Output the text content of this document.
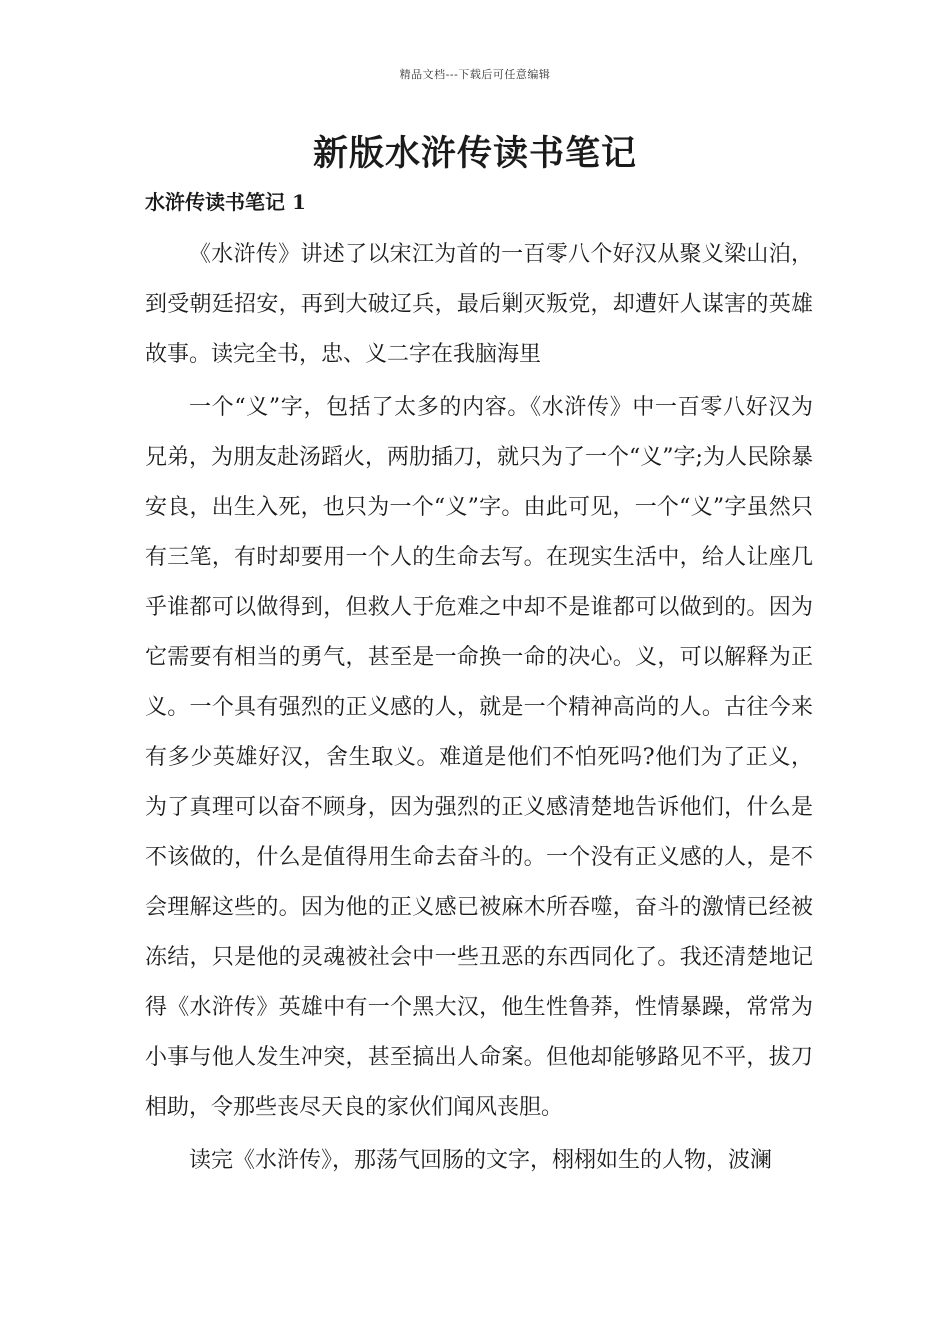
精品文档---下载后可任意编辑
新版水浒传读书笔记
水浒传读书笔记 1

《水浒传》讲述了以宋江为首的一百零八个好汉从聚义梁山泊，到受朝廷招安，再到大破辽兵，最后剿灭叛党，却遭奸人谋害的英雄故事。读完全书，忠、义二字在我脑海里

一个“义”字，包括了太多的内容。《水浒传》中一百零八好汉为兄弟，为朋友赴汤蹈火，两肋插刀，就只为了一个“义”字;为人民除暴安良，出生入死，也只为一个“义”字。由此可见，一个“义”字虽然只有三笔，有时却要用一个人的生命去写。在现实生活中，给人让座几乎谁都可以做得到，但救人于危难之中却不是谁都可以做到的。因为它需要有相当的勇气，甚至是一命换一命的决心。义，可以解释为正义。一个具有强烈的正义感的人，就是一个精神高尚的人。古往今来有多少英雄好汉，舍生取义。难道是他们不怕死吗?他们为了正义，为了真理可以奋不顾身，因为强烈的正义感清楚地告诉他们，什么是不该做的，什么是值得用生命去奋斗的。一个没有正义感的人，是不会理解这些的。因为他的正义感已被麻木所吞噬，奋斗的激情已经被冻结，只是他的灵魂被社会中一些丑恶的东西同化了。我还清楚地记得《水浒传》英雄中有一个黑大汉，他生性鲁莽，性情暴躁，常常为小事与他人发生冲突，甚至搞出人命案。但他却能够路见不平，拔刀相助，令那些丧尽天良的家伙们闻风丧胆。

读完《水浒传》，那荡气回肠的文字，栩栩如生的人物，波澜
